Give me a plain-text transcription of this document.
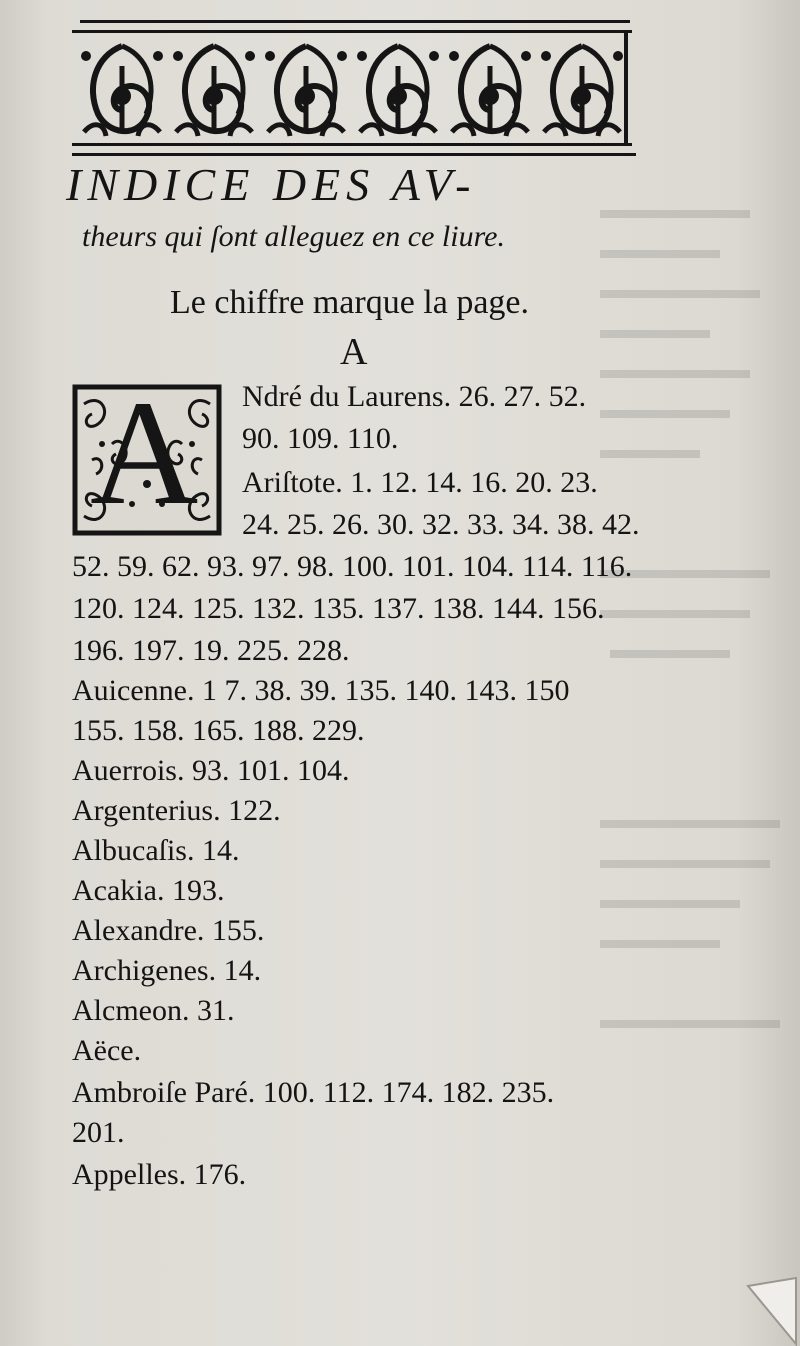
INDICE DES AV-
theurs qui ſont alleguez en ce liure.
Le chiffre marque la page.
A
A Ndré du Laurens. 26. 27. 52.
90. 109. 110.
Ariſtote. 1. 12. 14. 16. 20. 23.
24. 25. 26. 30. 32. 33. 34. 38. 42.
52. 59. 62. 93. 97. 98. 100. 101. 104. 114. 116.
120. 124. 125. 132. 135. 137. 138. 144. 156.
196. 197. 19. 225. 228.
Auicenne. 1 7. 38. 39. 135. 140. 143. 150
155. 158. 165. 188. 229.
Auerrois. 93. 101. 104.
Argenterius. 122.
Albucaſis. 14.
Acakia. 193.
Alexandre. 155.
Archigenes. 14.
Alcmeon. 31.
Aëce.
Ambroiſe Paré. 100. 112. 174. 182. 235.
201.
Appelles. 176.
